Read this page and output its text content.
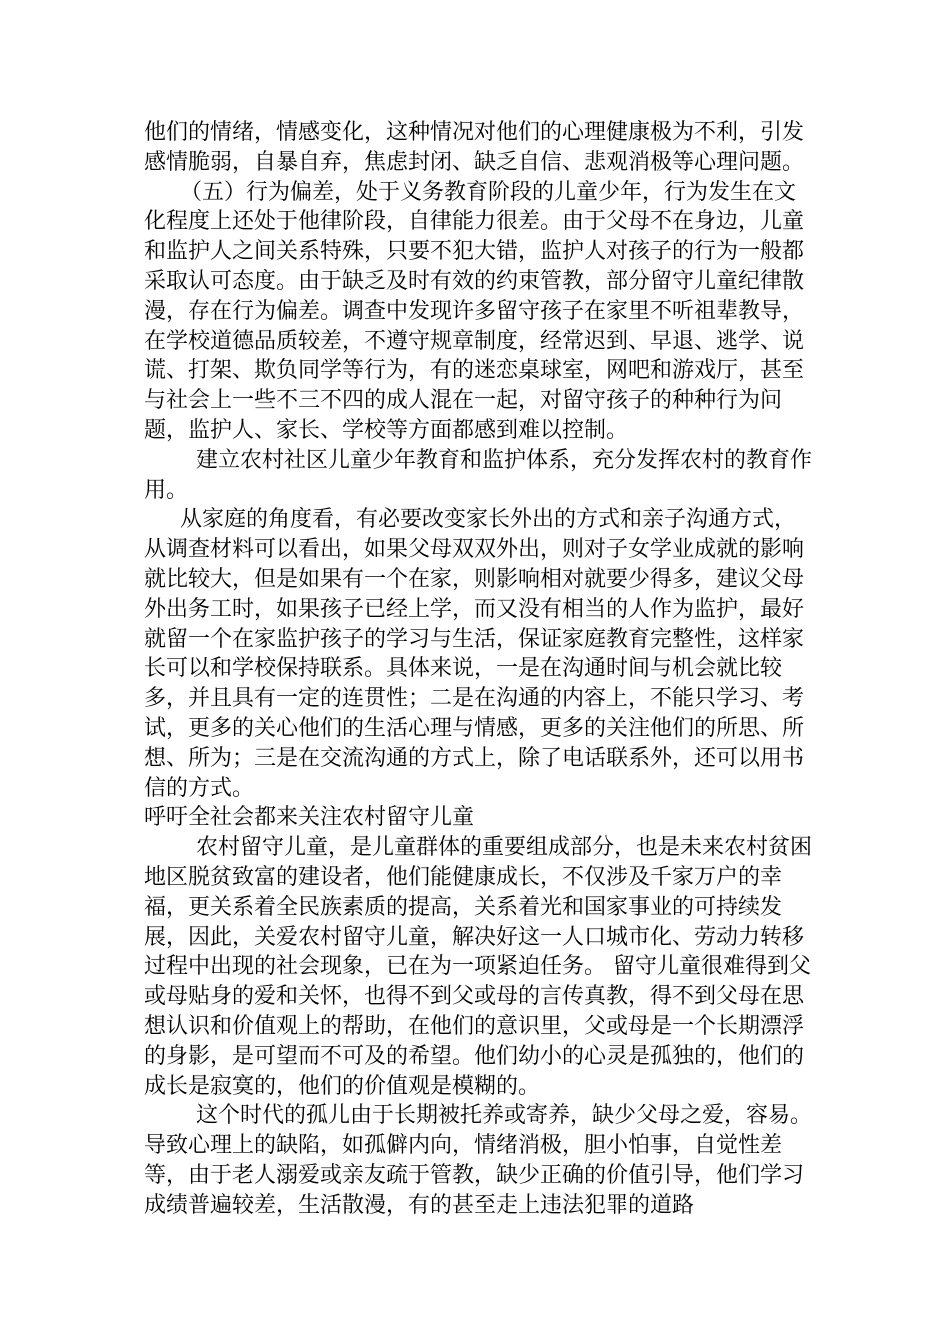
他们的情绪，情感变化，这种情况对他们的心理健康极为不利，引发感情脆弱，自暴自弃，焦虑封闭、缺乏自信、悲观消极等心理问题。

（五）行为偏差，处于义务教育阶段的儿童少年，行为发生在文化程度上还处于他律阶段，自律能力很差。由于父母不在身边，儿童和监护人之间关系特殊，只要不犯大错，监护人对孩子的行为一般都采取认可态度。由于缺乏及时有效的约束管教，部分留守儿童纪律散漫，存在行为偏差。调查中发现许多留守孩子在家里不听祖辈教导，在学校道德品质较差，不遵守规章制度，经常迟到、早退、逃学、说谎、打架、欺负同学等行为，有的迷恋桌球室，网吧和游戏厅，甚至与社会上一些不三不四的成人混在一起，对留守孩子的种种行为问题，监护人、家长、学校等方面都感到难以控制。

建立农村社区儿童少年教育和监护体系，充分发挥农村的教育作用。

从家庭的角度看，有必要改变家长外出的方式和亲子沟通方式，从调查材料可以看出，如果父母双双外出，则对子女学业成就的影响就比较大，但是如果有一个在家，则影响相对就要少得多，建议父母外出务工时，如果孩子已经上学，而又没有相当的人作为监护，最好就留一个在家监护孩子的学习与生活，保证家庭教育完整性，这样家长可以和学校保持联系。具体来说，一是在沟通时间与机会就比较多，并且具有一定的连贯性；二是在沟通的内容上，不能只学习、考试，更多的关心他们的生活心理与情感，更多的关注他们的所思、所想、所为；三是在交流沟通的方式上，除了电话联系外，还可以用书信的方式。

呼吁全社会都来关注农村留守儿童

农村留守儿童，是儿童群体的重要组成部分，也是未来农村贫困地区脱贫致富的建设者，他们能健康成长，不仅涉及千家万户的幸福，更关系着全民族素质的提高，关系着光和国家事业的可持续发展，因此，关爱农村留守儿童，解决好这一人口城市化、劳动力转移过程中出现的社会现象，已在为一项紧迫任务。 留守儿童很难得到父或母贴身的爱和关怀，也得不到父或母的言传真教，得不到父母在思想认识和价值观上的帮助，在他们的意识里，父或母是一个长期漂浮的身影，是可望而不可及的希望。他们幼小的心灵是孤独的，他们的成长是寂寞的，他们的价值观是模糊的。

这个时代的孤儿由于长期被托养或寄养，缺少父母之爱，容易。导致心理上的缺陷，如孤僻内向，情绪消极，胆小怕事，自觉性差等，由于老人溺爱或亲友疏于管教，缺少正确的价值引导，他们学习成绩普遍较差，生活散漫，有的甚至走上违法犯罪的道路
